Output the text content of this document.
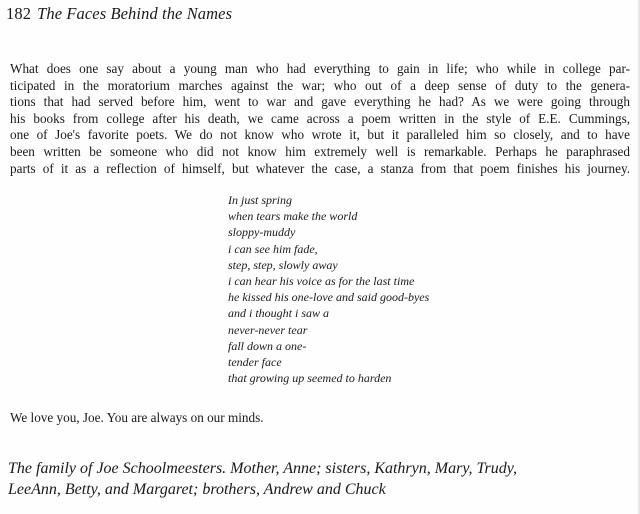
182 The Faces Behind the Names
What does one say about a young man who had everything to gain in life; who while in college par-
ticipated in the moratorium marches against the war; who out of a deep sense of duty to the genera-
tions that had served before him, went to war and gave everything he had? As we were going through
his books from college after his death, we came across a poem written in the style of E.E. Cummings,
one of Joe's favorite poets. We do not know who wrote it, but it paralleled him so closely, and to have
been written be someone who did not know him extremely well is remarkable. Perhaps he paraphrased
parts of it as a reflection of himself, but whatever the case, a stanza from that poem finishes his journey.
In just spring
when tears make the world
sloppy-muddy
i can see him fade,
step, step, slowly away
i can hear his voice as for the last time
he kissed his one-love and said good-byes
and i thought i saw a
never-never tear
fall down a one-
tender face
that growing up seemed to harden

We love you, Joe. You are always on our minds.

The family of Joe Schoolmeesters. Mother, Anne; sisters, Kathryn, Mary, Trudy,
LeeAnn, Betty, and Margaret; brothers, Andrew and Chuck
